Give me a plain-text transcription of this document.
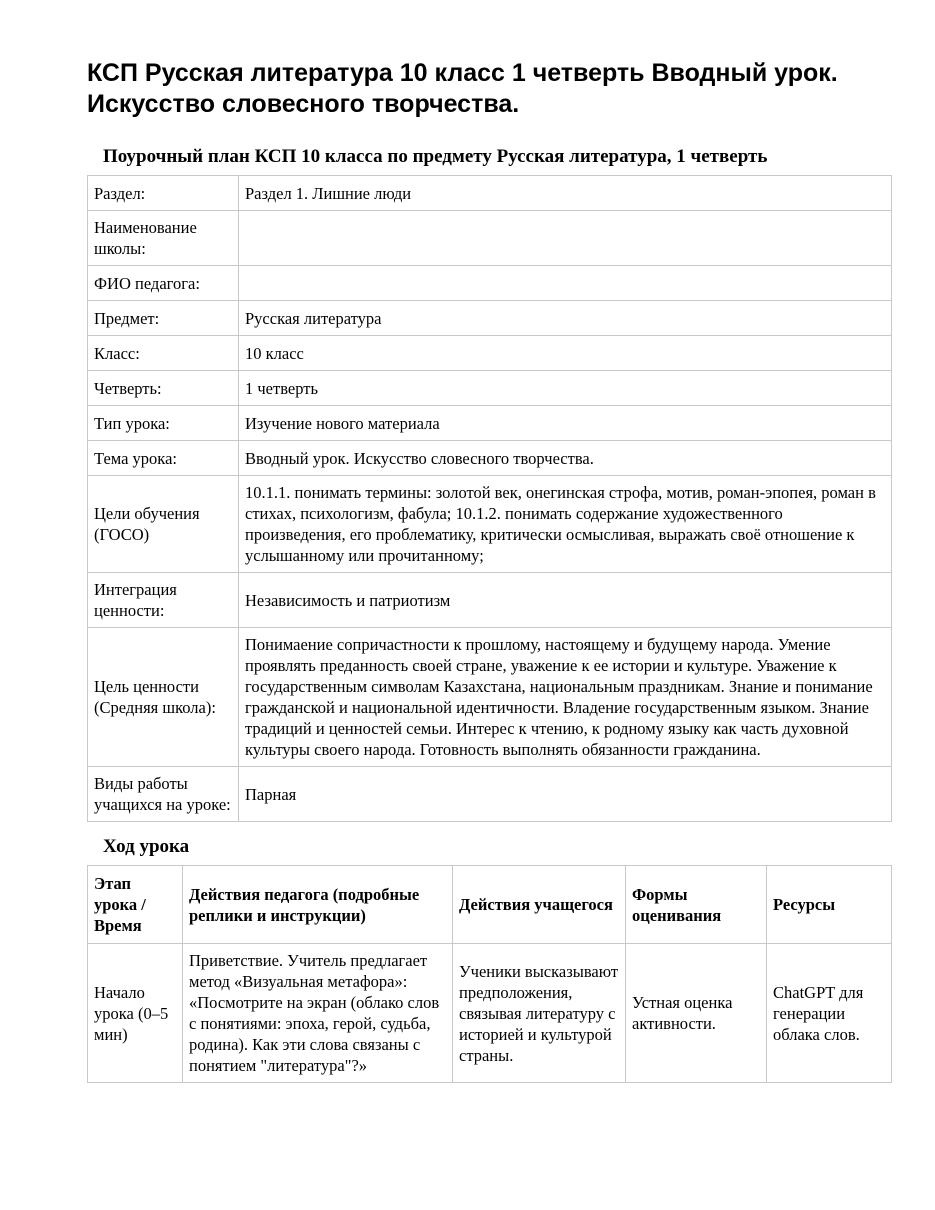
КСП Русская литература 10 класс 1 четверть Вводный урок. Искусство словесного творчества.
Поурочный план КСП 10 класса по предмету Русская литература, 1 четверть
Раздел:	Раздел 1. Лишние люди
Наименование школы:	
ФИО педагога:	
Предмет:	Русская литература
Класс:	10 класс
Четверть:	1 четверть
Тип урока:	Изучение нового материала
Тема урока:	Вводный урок. Искусство словесного творчества.
Цели обучения (ГОСО)	10.1.1. понимать термины: золотой век, онегинская строфа, мотив, роман-эпопея, роман в стихах, психологизм, фабула; 10.1.2. понимать содержание художественного произведения, его проблематику, критически осмысливая, выражать своё отношение к услышанному или прочитанному;
Интеграция ценности:	Независимость и патриотизм
Цель ценности (Средняя школа):	Понимаение сопричастности к прошлому, настоящему и будущему народа. Умение проявлять преданность своей стране, уважение к ее истории и культуре. Уважение к государственным символам Казахстана, национальным праздникам. Знание и понимание гражданской и национальной идентичности. Владение государственным языком. Знание традиций и ценностей семьи. Интерес к чтению, к родному языку как часть духовной культуры своего народа. Готовность выполнять обязанности гражданина.
Виды работы учащихся на уроке:	Парная
Ход урока
Этап урока / Время	Действия педагога (подробные реплики и инструкции)	Действия учащегося	Формы оценивания	Ресурсы
Начало урока (0–5 мин)	Приветствие. Учитель предлагает метод «Визуальная метафора»: «Посмотрите на экран (облако слов с понятиями: эпоха, герой, судьба, родина). Как эти слова связаны с понятием "литература"?»	Ученики высказывают предположения, связывая литературу с историей и культурой страны.	Устная оценка активности.	ChatGPT для генерации облака слов.
